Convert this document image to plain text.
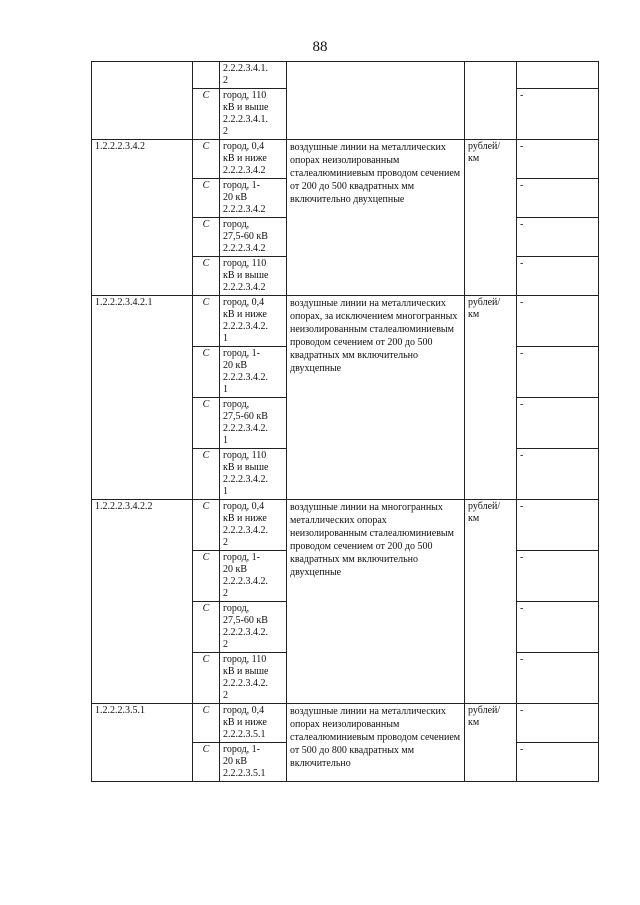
88
		2.2.2.3.4.1.
2			
	С	город, 110
кВ и выше
2.2.2.3.4.1.
2			-
1.2.2.2.3.4.2	С	город, 0,4
кВ и ниже
2.2.2.3.4.2	воздушные линии на металлических опорах неизолированным сталеалюминиевым проводом сечением от 200 до 500 квадратных мм включительно двухцепные	рублей/
км	-
	С	город, 1-
20 кВ
2.2.2.3.4.2			-
	С	город,
27,5-60 кВ
2.2.2.3.4.2			-
	С	город, 110
кВ и выше
2.2.2.3.4.2			-
1.2.2.2.3.4.2.1	С	город, 0,4
кВ и ниже
2.2.2.3.4.2.
1	воздушные линии на металлических опорах, за исключением многогранных неизолированным сталеалюминиевым проводом сечением от 200 до 500 квадратных мм включительно двухцепные	рублей/
км	-
	С	город, 1-
20 кВ
2.2.2.3.4.2.
1			-
	С	город,
27,5-60 кВ
2.2.2.3.4.2.
1			-
	С	город, 110
кВ и выше
2.2.2.3.4.2.
1			-
1.2.2.2.3.4.2.2	С	город, 0,4
кВ и ниже
2.2.2.3.4.2.
2	воздушные линии на многогранных металлических опорах неизолированным сталеалюминиевым проводом сечением от 200 до 500 квадратных мм включительно двухцепные	рублей/
км	-
	С	город, 1-
20 кВ
2.2.2.3.4.2.
2			-
	С	город,
27,5-60 кВ
2.2.2.3.4.2.
2			-
	С	город, 110
кВ и выше
2.2.2.3.4.2.
2			-
1.2.2.2.3.5.1	С	город, 0,4
кВ и ниже
2.2.2.3.5.1	воздушные линии на металлических опорах неизолированным сталеалюминиевым проводом сечением от 500 до 800 квадратных мм включительно	рублей/
км	-
	С	город, 1-
20 кВ
2.2.2.3.5.1			-
